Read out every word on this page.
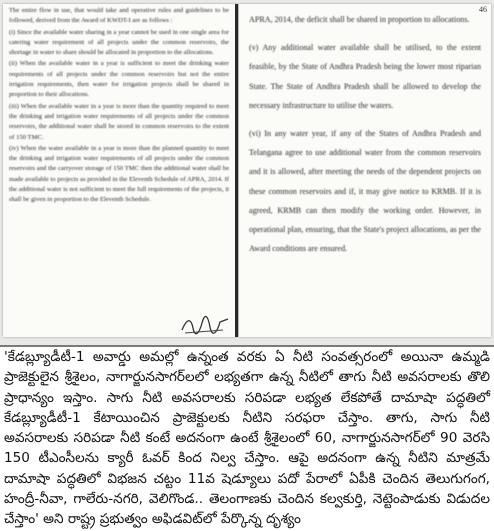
The entire flow in use, that would take and operative rules and guidelines to be followed, derived from the Award of KWDT-I are as follows :

(i) Since the available water sharing in a year cannot be used in one single area for catering water requirement of all projects under the common reservoirs, the shortage in water to share should be allocated in proportion to the allocations.

(ii) When the available water in a year is sufficient to meet the drinking water requirements of all projects under the common reservoirs but not the entire irrigation requirements, then water for irrigation projects shall be shared in proportion to their allocations.

(iii) When the available water in a year is more than the quantity required to meet the drinking and irrigation water requirements of all projects under the common reservoirs, the additional water shall be stored in common reservoirs to the extent of 150 TMC.

(iv) When the water available in a year is more than the planned quantity to meet the drinking and irrigation water requirements of all projects under the common reservoirs and the carryover storage of 150 TMC then the additional water shall be made available to projects as provided in the Eleventh Schedule of APRA, 2014. If the additional water is not sufficient to meet the full requirements of the projects, it shall be given in proportion to the Eleventh Schedule.

46

APRA, 2014, the deficit shall be shared in proportion to allocations.

(v) Any additional water available shall be utilised, to the extent feasible, by the State of Andhra Pradesh being the lower most riparian State. The State of Andhra Pradesh shall be allowed to develop the necessary infrastructure to utilise the waters.

(vi) In any water year, if any of the States of Andhra Pradesh and Telangana agree to use additional water from the common reservoirs and it is allowed, after meeting the needs of the dependent projects on these common reservoirs and if, it may give notice to KRMB. If it is agreed, KRMB can then modify the working order. However, in operational plan, ensuring, that the State's project allocations, as per the Award conditions are ensured.

'కేడబ్ల్యూడీటీ-1 అవార్డు అమల్లో ఉన్నంత వరకు ఏ నీటి సంవత్సరంలో అయినా ఉమ్మడి ప్రాజెక్టులైన శ్రీశైలం, నాగార్జునసాగర్‌లలో లభ్యతగా ఉన్న నీటిలో తాగు నీటి అవసరాలకు తొలి ప్రాధాన్యం ఇస్తాం. సాగు నీటి అవసరాలకు సరిపడా లభ్యత లేకపోతే దామాషా పద్ధతిలో కేడబ్ల్యూడీటీ-1 కేటాయించిన ప్రాజెక్టులకు నీటిని సరఫరా చేస్తాం. తాగు, సాగు నీటి అవసరాలకు సరిపడా నీటి కంటే అదనంగా ఉంటే శ్రీశైలంలో 60, నాగార్జునసాగర్‌లో 90 వెరసి 150 టీఎంసీలను క్యారీ ఓవర్ కింద నిల్వ చేస్తాం. ఆపై అదనంగా ఉన్న నీటిని మాత్రమే దామాషా పద్ధతిలో విభజన చట్టం 11వ షెడ్యూలు పదో పేరాలో ఏపీకి చెందిన తెలుగుగంగ, హంద్రీ-నీవా, గాలేరు-నగరి, వెలిగొండ.. తెలంగాణకు చెందిన కల్వకుర్తి, నెట్టెంపాడుకు విడుదల చేస్తాం' అని రాష్ట్ర ప్రభుత్వం అఫిడవిట్‌లో పేర్కొన్న దృశ్యం
